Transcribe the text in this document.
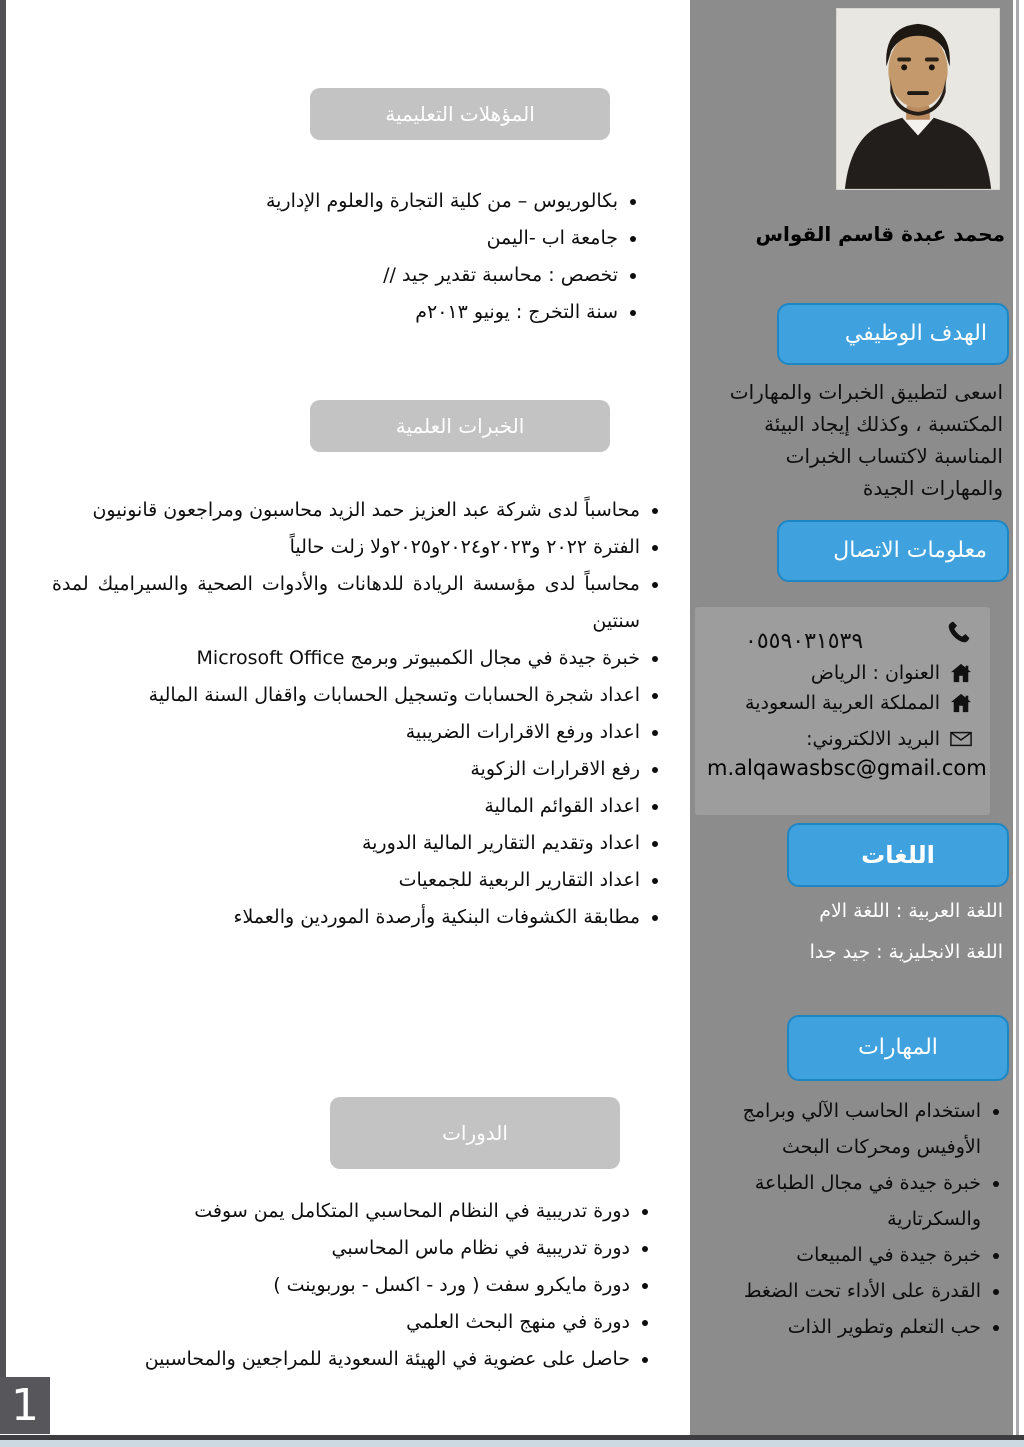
المؤهلات التعليمية
• بكالوريوس – من كلية التجارة والعلوم الإدارية
• جامعة اب -اليمن
• تخصص : محاسبة تقدير جيد //
• سنة التخرج : يونيو ٢٠١٣م
الخبرات العلمية
• محاسباً لدى شركة عبد العزيز حمد الزيد محاسبون ومراجعون قانونيون
• الفترة ٢٠٢٢ و٢٠٢٣و٢٠٢٤و٢٠٢٥ولا زلت حالياً
• محاسباً لدى مؤسسة الريادة للدهانات والأدوات الصحية والسيراميك لمدة سنتين
• خبرة جيدة في مجال الكمبيوتر وبرمج Microsoft Office
• اعداد شجرة الحسابات وتسجيل الحسابات واقفال السنة المالية
• اعداد ورفع الاقرارات الضريبية
• رفع الاقرارات الزكوية
• اعداد القوائم المالية
• اعداد وتقديم التقارير المالية الدورية
• اعداد التقارير الربعية للجمعيات
• مطابقة الكشوفات البنكية وأرصدة الموردين والعملاء
الدورات
• دورة تدريبية في النظام المحاسبي المتكامل يمن سوفت
• دورة تدريبية في نظام ماس المحاسبي
• دورة مايكرو سفت ( ورد - اكسل - بوربوينت )
• دورة في منهج البحث العلمي
• حاصل على عضوية في الهيئة السعودية للمراجعين والمحاسبين
محمد عبدة قاسم القواس
الهدف الوظيفي

اسعى لتطبيق الخبرات والمهارات المكتسبة ، وكذلك إيجاد البيئة المناسبة لاكتساب الخبرات والمهارات الجيدة

معلومات الاتصال
٠٥٥٩٠٣١٥٣٩
العنوان : الرياض
المملكة العربية السعودية
البريد الالكتروني:
m.alqawasbsc@gmail.com
اللغات
اللغة العربية : اللغة الام
اللغة الانجليزية : جيد جدا
المهارات
• استخدام الحاسب الآلي وبرامج الأوفيس ومحركات البحث
• خبرة جيدة في مجال الطباعة والسكرتارية
• خبرة جيدة في المبيعات
• القدرة على الأداء تحت الضغط
• حب التعلم وتطوير الذات
1
